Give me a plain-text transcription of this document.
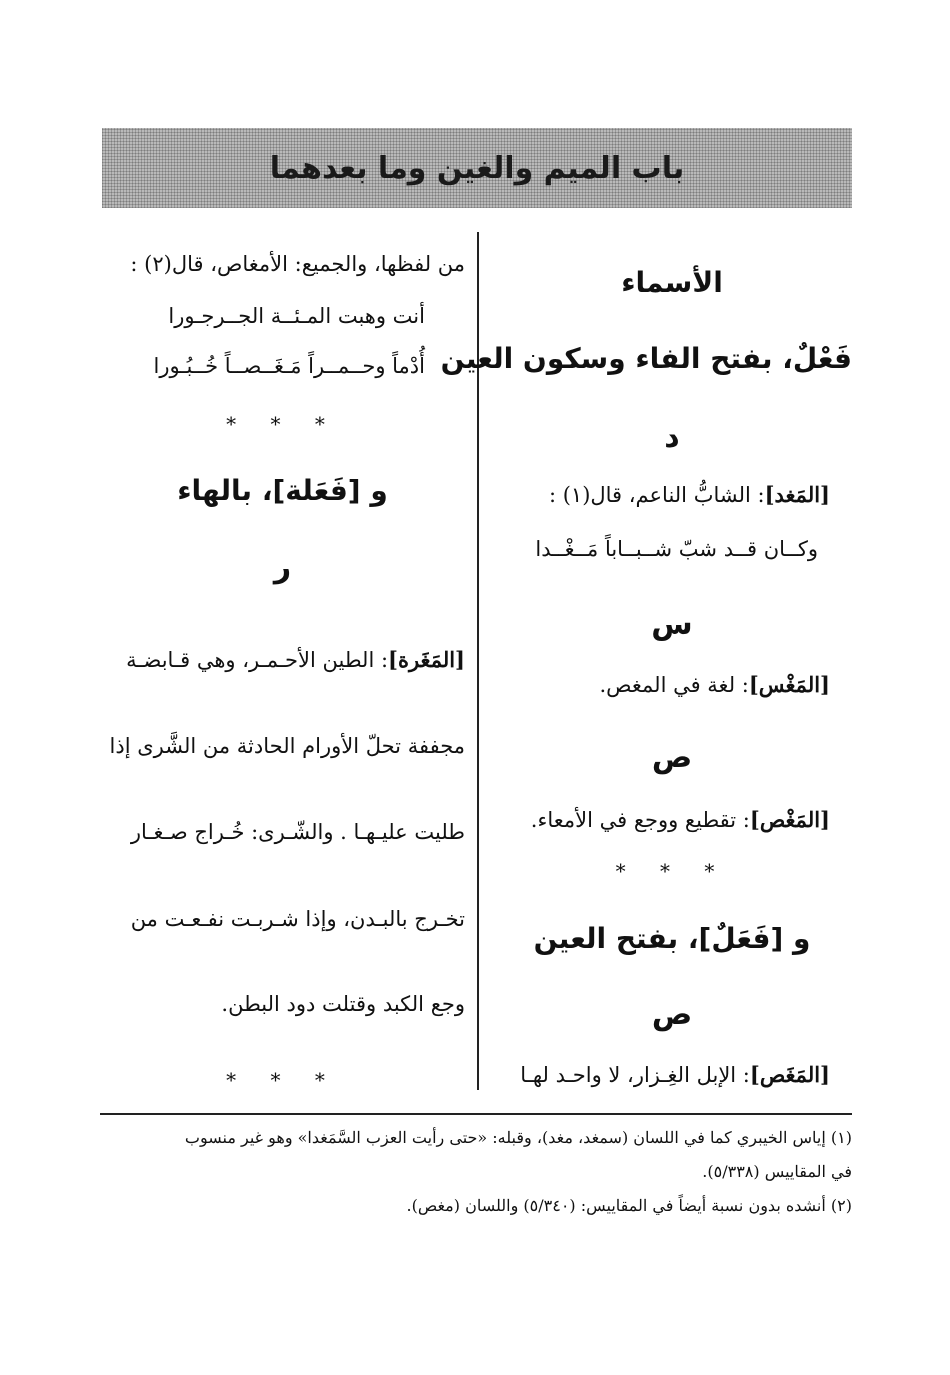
باب الميم والغين وما بعدهما
الأسماء
فَعْلٌ، بفتح الفاء وسكون العين
د
[المَغد]: الشابُّ الناعم، قال(١) :
وكــان قــد شبّ شــبــاباً مَــغْــدا
س
[المَغْس]: لغة في المغص.
ص
[المَغْص]: تقطيع ووجع في الأمعاء.
* * *
و [فَعَلٌ]، بفتح العين
ص
[المَغَص]: الإبل الغِـزار، لا واحـد لهـا
من لفظها، والجميع: الأمغاص، قال(٢) :
أنت وهبت المـئــة الجــرجـورا
أُدْماً وحــمــراً مَـغَــصــاً خُــبُـورا
* * *
و [فَعَلة]، بالهاء
ر
[المَغَرة]: الطين الأحـمـر، وهي قـابضـة
مجففة تحلّ الأورام الحادثة من الشَّرى إذا
طليت عليـهـا . والشّـرى: خُـراج صـغـار
تخـرج بالبـدن، وإذا شـربـت نفـعـت من
وجع الكبد وقتلت دود البطن.
* * *
(١) إياس الخيبري كما في اللسان (سمغد، مغد)، وقبله: «حتى رأيت العزب السَّمَغدا» وهو غير منسوب
في المقاييس (٥/٣٣٨).
(٢) أنشده بدون نسبة أيضاً في المقاييس: (٥/٣٤٠) واللسان (مغص).
